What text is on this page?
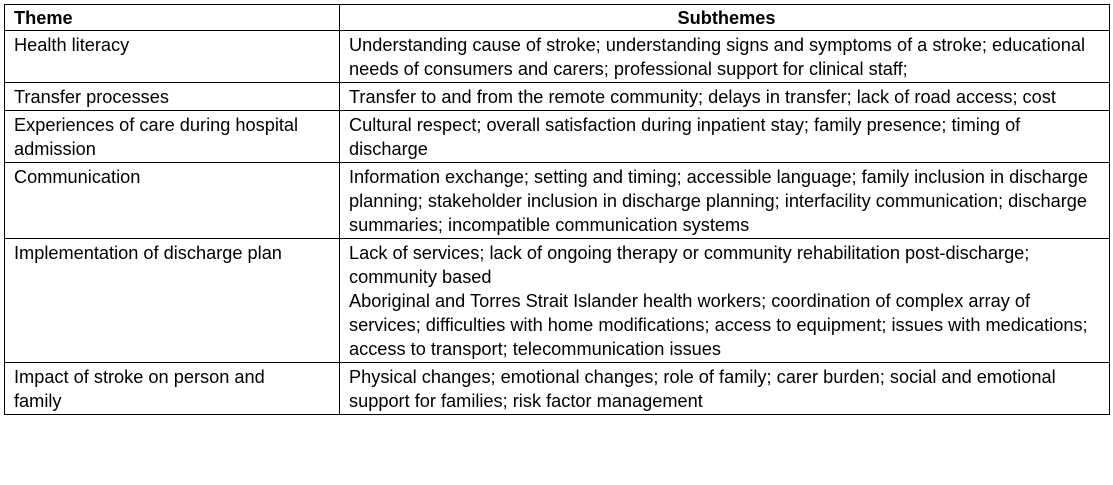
Theme	Subthemes
Health literacy	Understanding cause of stroke; understanding signs and symptoms of a stroke; educational needs of consumers and carers; professional support for clinical staff;

Transfer processes	Transfer to and from the remote community; delays in transfer; lack of road access; cost

Experiences of care during hospital admission	Cultural respect; overall satisfaction during inpatient stay; family presence; timing of discharge

Communication	Information exchange; setting and timing; accessible language; family inclusion in discharge planning; stakeholder inclusion in discharge planning; interfacility communication; discharge summaries; incompatible communication systems

Implementation of discharge plan	Lack of services; lack of ongoing therapy or community rehabilitation post-discharge; community based
Aboriginal and Torres Strait Islander health workers; coordination of complex array of services; difficulties with home modifications; access to equipment; issues with medications; access to transport; telecommunication issues

Impact of stroke on person and family	Physical changes; emotional changes; role of family; carer burden; social and emotional support for families; risk factor management
